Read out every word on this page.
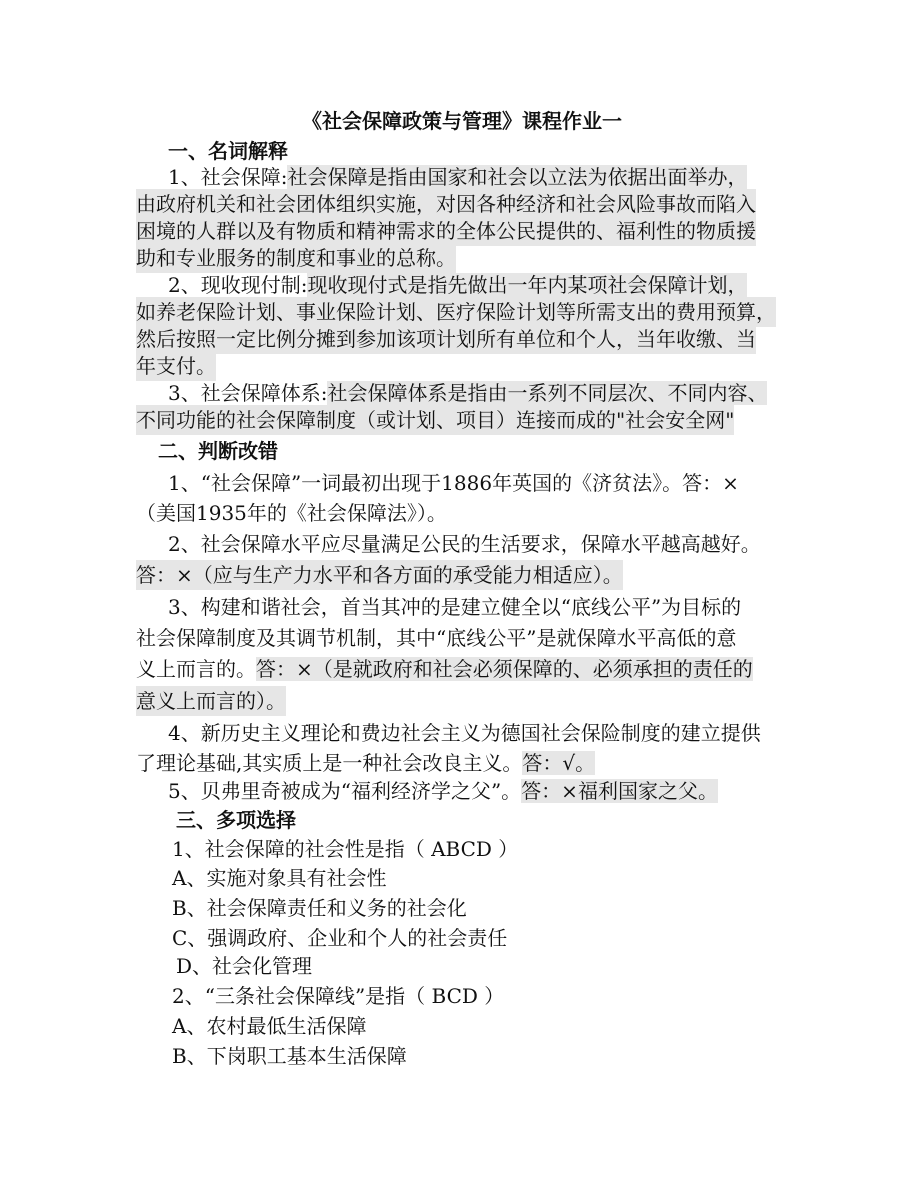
《社会保障政策与管理》课程作业一
一、名词解释
1、社会保障:社会保障是指由国家和社会以立法为依据出面举办，
由政府机关和社会团体组织实施，对因各种经济和社会风险事故而陷入
困境的人群以及有物质和精神需求的全体公民提供的、福利性的物质援
助和专业服务的制度和事业的总称。
2、现收现付制:现收现付式是指先做出一年内某项社会保障计划，
如养老保险计划、事业保险计划、医疗保险计划等所需支出的费用预算，
然后按照一定比例分摊到参加该项计划所有单位和个人，当年收缴、当
年支付。
3、社会保障体系:社会保障体系是指由一系列不同层次、不同内容、
不同功能的社会保障制度（或计划、项目）连接而成的"社会安全网"
二、判断改错
1、“社会保障”一词最初出现于1886年英国的《济贫法》。答：×
（美国1935年的《社会保障法》）。
2、社会保障水平应尽量满足公民的生活要求，保障水平越高越好。
答：×（应与生产力水平和各方面的承受能力相适应）。
3、构建和谐社会，首当其冲的是建立健全以“底线公平”为目标的
社会保障制度及其调节机制，其中“底线公平”是就保障水平高低的意
义上而言的。答：×（是就政府和社会必须保障的、必须承担的责任的
意义上而言的）。
4、新历史主义理论和费边社会主义为德国社会保险制度的建立提供
了理论基础,其实质上是一种社会改良主义。答：√。
5、贝弗里奇被成为“福利经济学之父”。答：×福利国家之父。
三、多项选择
1、社会保障的社会性是指（ ABCD ）
A、实施对象具有社会性
B、社会保障责任和义务的社会化
C、强调政府、企业和个人的社会责任
D、社会化管理
2、“三条社会保障线”是指（ BCD ）
A、农村最低生活保障
B、下岗职工基本生活保障
